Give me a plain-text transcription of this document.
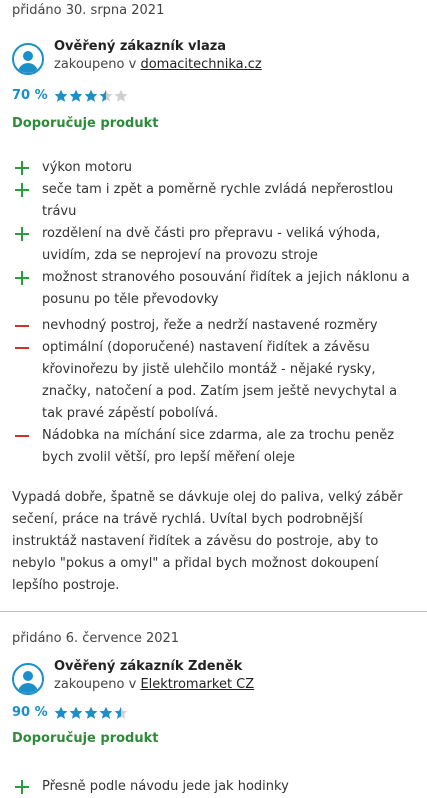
přidáno 30. srpna 2021
Ověřený zákazník vlaza
zakoupeno v domacitechnika.cz
70 %
Doporučuje produkt
výkon motoru
seče tam i zpět a poměrně rychle zvládá nepřerostlou trávu
rozdělení na dvě části pro přepravu - veliká výhoda, uvidím, zda se neprojeví na provozu stroje
možnost stranového posouvání řidítek a jejich náklonu a posunu po těle převodovky
nevhodný postroj, řeže a nedrží nastavené rozměry
optimální (doporučené) nastavení řidítek a závěsu křovinořezu by jistě ulehčilo montáž - nějaké rysky, značky, natočení a pod. Zatím jsem ještě nevychytal a tak pravé zápěstí pobolívá.
Nádobka na míchání sice zdarma, ale za trochu peněz bych zvolil větší, pro lepší měření oleje
Vypadá dobře, špatně se dávkuje olej do paliva, velký záběr sečení, práce na trávě rychlá. Uvítal bych podrobnější instruktáž nastavení řidítek a závěsu do postroje, aby to nebylo "pokus a omyl" a přidal bych možnost dokoupení lepšího postroje.
přidáno 6. července 2021
Ověřený zákazník Zdeněk
zakoupeno v Elektromarket CZ
90 %
Doporučuje produkt
Přesně podle návodu jede jak hodinky
